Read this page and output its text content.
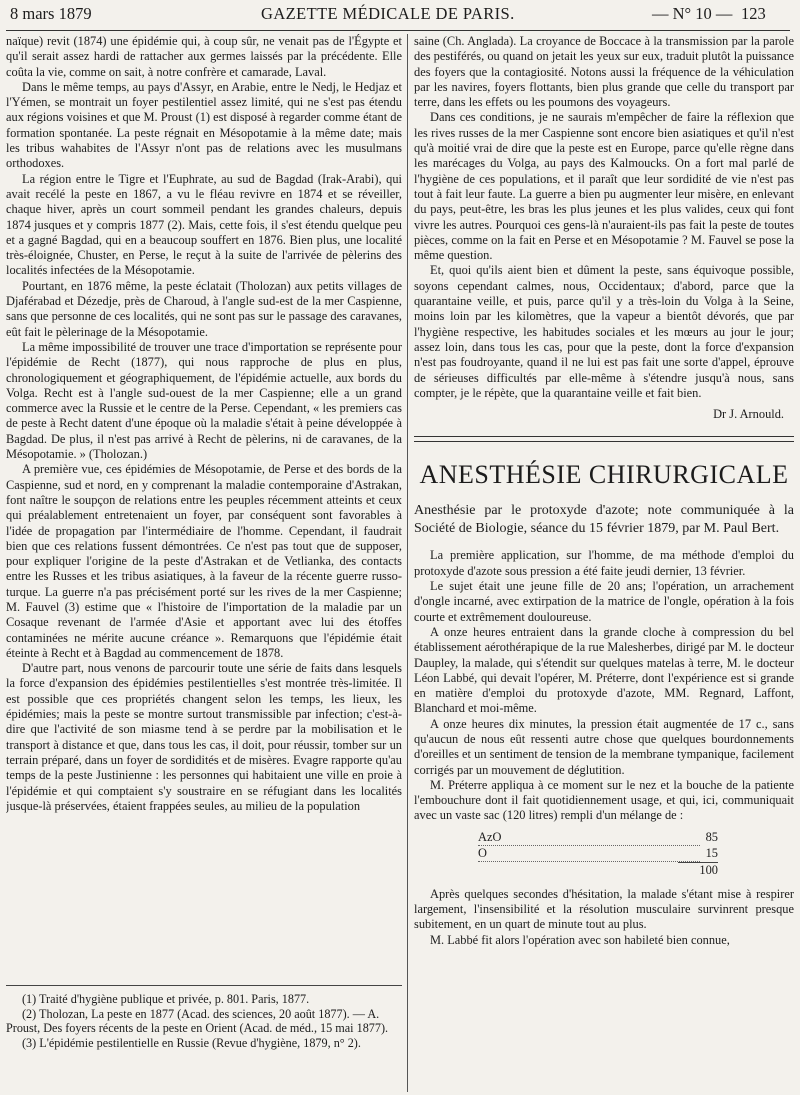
8 mars 1879	GAZETTE MÉDICALE DE PARIS.	— N° 10 — 123

naïque) revit (1874) une épidémie qui, à coup sûr, ne venait pas de l'Égypte et qu'il serait assez hardi de rattacher aux germes laissés par la précédente. Elle coûta la vie, comme on sait, à notre confrère et camarade, Laval.

Dans le même temps, au pays d'Assyr, en Arabie, entre le Nedj, le Hedjaz et l'Yémen, se montrait un foyer pestilentiel assez limité, qui ne s'est pas étendu aux régions voisines et que M. Proust (1) est disposé à regarder comme étant de formation spontanée. La peste régnait en Mésopotamie à la même date; mais les tribus wahabites de l'Assyr n'ont pas de relations avec les musulmans orthodoxes.

La région entre le Tigre et l'Euphrate, au sud de Bagdad (Irak-Arabi), qui avait recélé la peste en 1867, a vu le fléau revivre en 1874 et se réveiller, chaque hiver, après un court sommeil pendant les grandes chaleurs, depuis 1874 jusques et y compris 1877 (2). Mais, cette fois, il s'est étendu quelque peu et a gagné Bagdad, qui en a beaucoup souffert en 1876. Bien plus, une localité très-éloignée, Chuster, en Perse, le reçut à la suite de l'arrivée de pèlerins des localités infectées de la Mésopotamie.

Pourtant, en 1876 même, la peste éclatait (Tholozan) aux petits villages de Djaférabad et Dézedje, près de Charoud, à l'angle sud-est de la mer Caspienne, sans que personne de ces localités, qui ne sont pas sur le passage des caravanes, eût fait le pèlerinage de la Mésopotamie.

La même impossibilité de trouver une trace d'importation se représente pour l'épidémie de Recht (1877), qui nous rapproche de plus en plus, chronologiquement et géographiquement, de l'épidémie actuelle, aux bords du Volga. Recht est à l'angle sud-ouest de la mer Caspienne; elle a un grand commerce avec la Russie et le centre de la Perse. Cependant, « les premiers cas de peste à Recht datent d'une époque où la maladie s'était à peine développée à Bagdad. De plus, il n'est pas arrivé à Recht de pèlerins, ni de caravanes, de la Mésopotamie. » (Tholozan.)

A première vue, ces épidémies de Mésopotamie, de Perse et des bords de la Caspienne, sud et nord, en y comprenant la maladie contemporaine d'Astrakan, font naître le soupçon de relations entre les peuples récemment atteints et ceux qui préalablement entretenaient un foyer, par conséquent sont favorables à l'idée de propagation par l'intermédiaire de l'homme. Cependant, il faudrait bien que ces relations fussent démontrées. Ce n'est pas tout que de supposer, pour expliquer l'origine de la peste d'Astrakan et de Vetlianka, des contacts entre les Russes et les tribus asiatiques, à la faveur de la récente guerre russo-turque. La guerre n'a pas précisément porté sur les rives de la mer Caspienne; M. Fauvel (3) estime que « l'histoire de l'importation de la maladie par un Cosaque revenant de l'armée d'Asie et apportant avec lui des étoffes contaminées ne mérite aucune créance ». Remarquons que l'épidémie était éteinte à Recht et à Bagdad au commencement de 1878.

D'autre part, nous venons de parcourir toute une série de faits dans lesquels la force d'expansion des épidémies pestilentielles s'est montrée très-limitée. Il est possible que ces propriétés changent selon les temps, les lieux, les épidémies; mais la peste se montre surtout transmissible par infection; c'est-à-dire que l'activité de son miasme tend à se perdre par la mobilisation et le transport à distance et que, dans tous les cas, il doit, pour réussir, tomber sur un terrain préparé, dans un foyer de sordidités et de misères. Evagre rapporte qu'au temps de la peste Justinienne : les personnes qui habitaient une ville en proie à l'épidémie et qui comptaient s'y soustraire en se réfugiant dans les localités jusque-là préservées, étaient frappées seules, au milieu de la population

(1) Traité d'hygiène publique et privée, p. 801. Paris, 1877.

(2) Tholozan, La peste en 1877 (Acad. des sciences, 20 août 1877). — A. Proust, Des foyers récents de la peste en Orient (Acad. de méd., 15 mai 1877).

(3) L'épidémie pestilentielle en Russie (Revue d'hygiène, 1879, n° 2).

saine (Ch. Anglada). La croyance de Boccace à la transmission par la parole des pestiférés, ou quand on jetait les yeux sur eux, traduit plutôt la puissance des foyers que la contagiosité. Notons aussi la fréquence de la véhiculation par les navires, foyers flottants, bien plus grande que celle du transport par terre, dans les effets ou les poumons des voyageurs.

Dans ces conditions, je ne saurais m'empêcher de faire la réflexion que les rives russes de la mer Caspienne sont encore bien asiatiques et qu'il n'est qu'à moitié vrai de dire que la peste est en Europe, parce qu'elle règne dans les marécages du Volga, au pays des Kalmoucks. On a fort mal parlé de l'hygiène de ces populations, et il paraît que leur sordidité de vie n'est pas tout à fait leur faute. La guerre a bien pu augmenter leur misère, en enlevant du pays, peut-être, les bras les plus jeunes et les plus valides, ceux qui font vivre les autres. Pourquoi ces gens-là n'auraient-ils pas fait la peste de toutes pièces, comme on la fait en Perse et en Mésopotamie ? M. Fauvel se pose la même question.

Et, quoi qu'ils aient bien et dûment la peste, sans équivoque possible, soyons cependant calmes, nous, Occidentaux; d'abord, parce que la quarantaine veille, et puis, parce qu'il y a très-loin du Volga à la Seine, moins loin par les kilomètres, que la vapeur a bientôt dévorés, que par l'hygiène respective, les habitudes sociales et les mœurs au jour le jour; assez loin, dans tous les cas, pour que la peste, dont la force d'expansion n'est pas foudroyante, quand il ne lui est pas fait une sorte d'appel, éprouve de sérieuses difficultés par elle-même à s'étendre jusqu'à nous, sans compter, je le répète, que la quarantaine veille et fait bien.

Dr J. Arnould.

ANESTHÉSIE CHIRURGICALE

Anesthésie par le protoxyde d'azote; note communiquée à la Société de Biologie, séance du 15 février 1879, par M. Paul Bert.

La première application, sur l'homme, de ma méthode d'emploi du protoxyde d'azote sous pression a été faite jeudi dernier, 13 février.

Le sujet était une jeune fille de 20 ans; l'opération, un arrachement d'ongle incarné, avec extirpation de la matrice de l'ongle, opération à la fois courte et extrêmement douloureuse.

A onze heures entraient dans la grande cloche à compression du bel établissement aérothérapique de la rue Malesherbes, dirigé par M. le docteur Daupley, la malade, qui s'étendit sur quelques matelas à terre, M. le docteur Léon Labbé, qui devait l'opérer, M. Préterre, dont l'expérience est si grande en matière d'emploi du protoxyde d'azote, MM. Regnard, Laffont, Blanchard et moi-même.

A onze heures dix minutes, la pression était augmentée de 17 c., sans qu'aucun de nous eût ressenti autre chose que quelques bourdonnements d'oreilles et un sentiment de tension de la membrane tympanique, facilement corrigés par un mouvement de déglutition.

M. Préterre appliqua à ce moment sur le nez et la bouche de la patiente l'embouchure dont il fait quotidiennement usage, et qui, ici, communiquait avec un vaste sac (120 litres) rempli d'un mélange de :

AzO	85
O	15
100

Après quelques secondes d'hésitation, la malade s'étant mise à respirer largement, l'insensibilité et la résolution musculaire survinrent presque subitement, en un quart de minute tout au plus.

M. Labbé fit alors l'opération avec son habileté bien connue,
